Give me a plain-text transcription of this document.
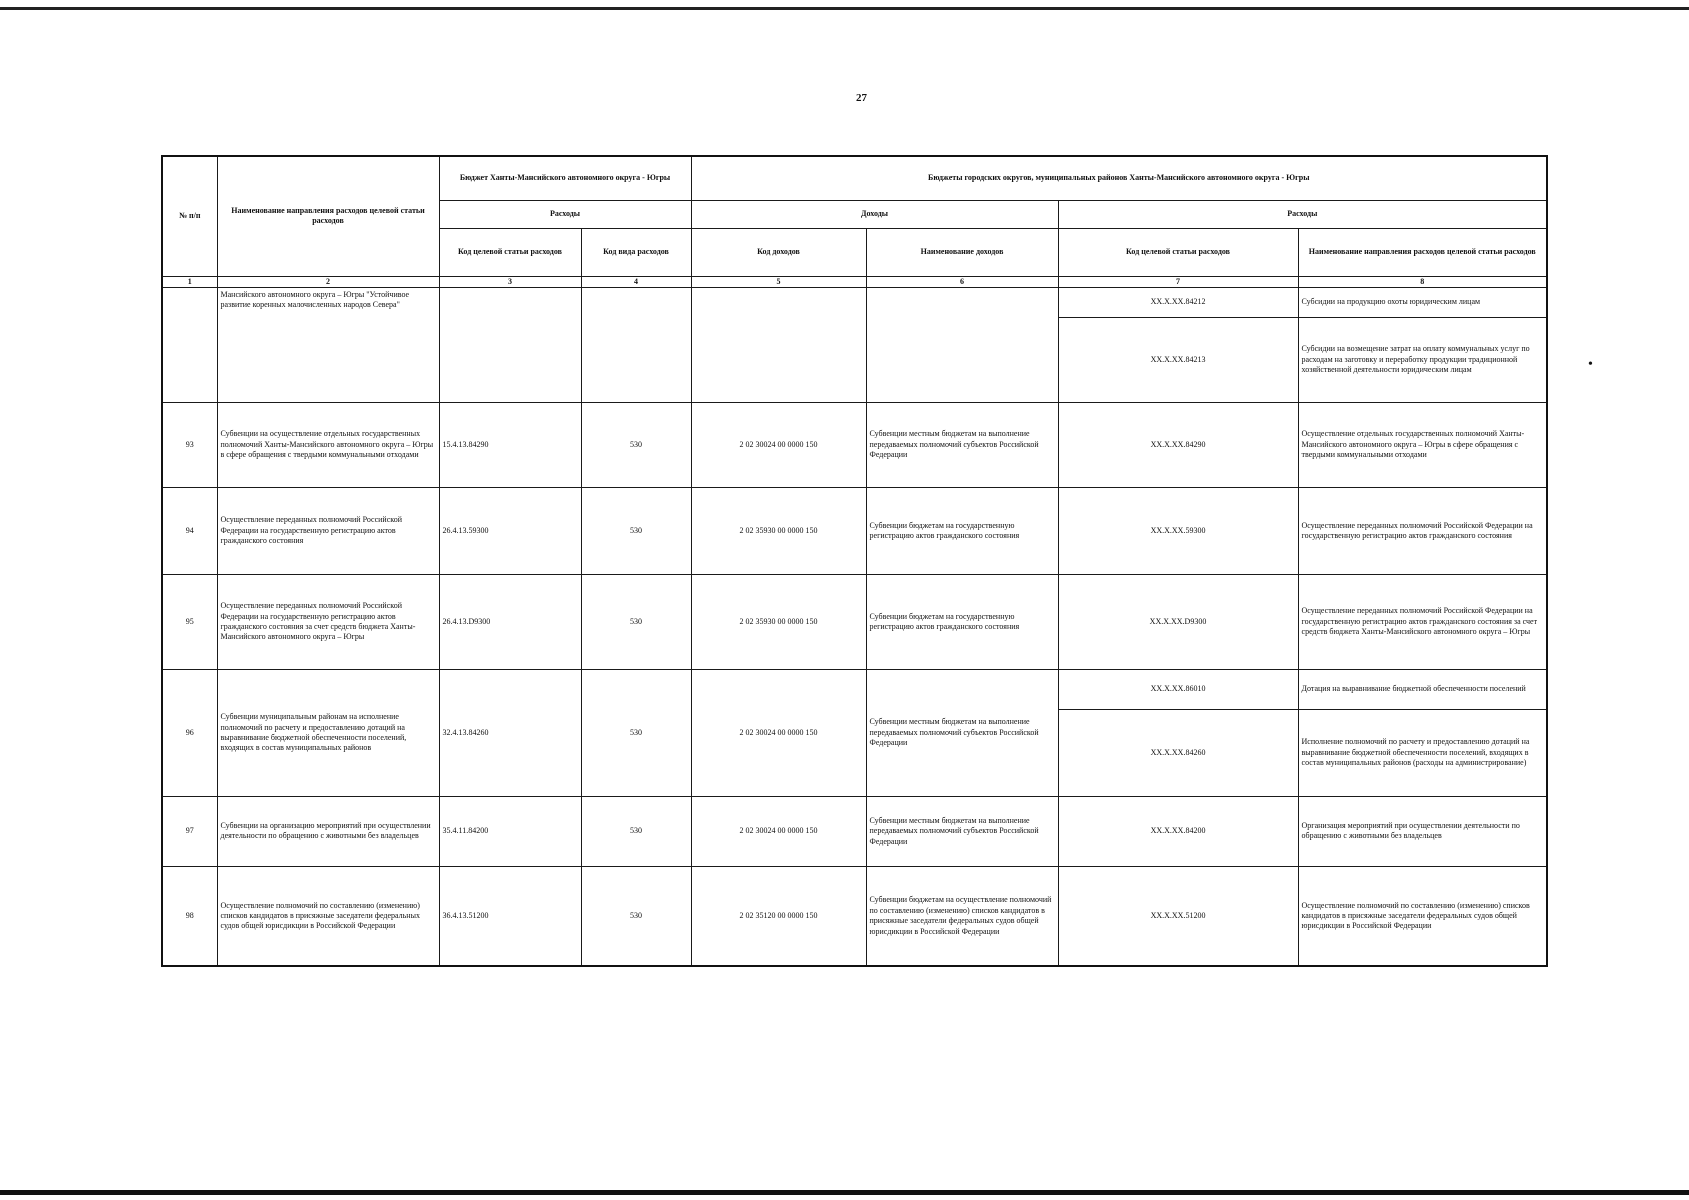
27
№ п/п	Наименование направления расходов целевой статьи расходов	Бюджет Ханты-Мансийского автономного округа - Югры		Бюджеты городских округов, муниципальных районов Ханты-Мансийского автономного округа - Югры			
		Расходы		Доходы		Расходы	
		Код целевой статьи расходов	Код вида расходов	Код доходов	Наименование доходов	Код целевой статьи расходов	Наименование направления расходов целевой статьи расходов
1	2	3	4	5	6	7	8
	Мансийского автономного округа – Югры "Устойчивое развитие коренных малочисленных народов Севера"					XX.X.XX.84212	Субсидии на продукцию охоты юридическим лицам
						XX.X.XX.84213	Субсидии на возмещение затрат на оплату коммунальных услуг по расходам на заготовку и переработку продукции традиционной хозяйственной деятельности юридическим лицам
93	Субвенции на осуществление отдельных государственных полномочий Ханты-Мансийского автономного округа – Югры в сфере обращения с твердыми коммунальными отходами	15.4.13.84290	530	2 02 30024 00 0000 150	Субвенции местным бюджетам на выполнение передаваемых полномочий субъектов Российской Федерации	XX.X.XX.84290	Осуществление отдельных государственных полномочий Ханты-Мансийского автономного округа – Югры в сфере обращения с твердыми коммунальными отходами
94	Осуществление переданных полномочий Российской Федерации на государственную регистрацию актов гражданского состояния	26.4.13.59300	530	2 02 35930 00 0000 150	Субвенции бюджетам на государственную регистрацию актов гражданского состояния	XX.X.XX.59300	Осуществление переданных полномочий Российской Федерации на государственную регистрацию актов гражданского состояния
95	Осуществление переданных полномочий Российской Федерации на государственную регистрацию актов гражданского состояния за счет средств бюджета Ханты-Мансийского автономного округа – Югры	26.4.13.D9300	530	2 02 35930 00 0000 150	Субвенции бюджетам на государственную регистрацию актов гражданского состояния	XX.X.XX.D9300	Осуществление переданных полномочий Российской Федерации на государственную регистрацию актов гражданского состояния за счет средств бюджета Ханты-Мансийского автономного округа – Югры
96	Субвенции муниципальным районам на исполнение полномочий по расчету и предоставлению дотаций на выравнивание бюджетной обеспеченности поселений, входящих в состав муниципальных районов	32.4.13.84260	530	2 02 30024 00 0000 150	Субвенции местным бюджетам на выполнение передаваемых полномочий субъектов Российской Федерации	XX.X.XX.86010	Дотация на выравнивание бюджетной обеспеченности поселений
						XX.X.XX.84260	Исполнение полномочий по расчету и предоставлению дотаций на выравнивание бюджетной обеспеченности поселений, входящих в состав муниципальных районов (расходы на администрирование)
97	Субвенции на организацию мероприятий при осуществлении деятельности по обращению с животными без владельцев	35.4.11.84200	530	2 02 30024 00 0000 150	Субвенции местным бюджетам на выполнение передаваемых полномочий субъектов Российской Федерации	XX.X.XX.84200	Организация мероприятий при осуществлении деятельности по обращению с животными без владельцев
98	Осуществление полномочий по составлению (изменению) списков кандидатов в присяжные заседатели федеральных судов общей юрисдикции в Российской Федерации	36.4.13.51200	530	2 02 35120 00 0000 150	Субвенции бюджетам на осуществление полномочий по составлению (изменению) списков кандидатов в присяжные заседатели федеральных судов общей юрисдикции в Российской Федерации	XX.X.XX.51200	Осуществление полномочий по составлению (изменению) списков кандидатов в присяжные заседатели федеральных судов общей юрисдикции в Российской Федерации
•
